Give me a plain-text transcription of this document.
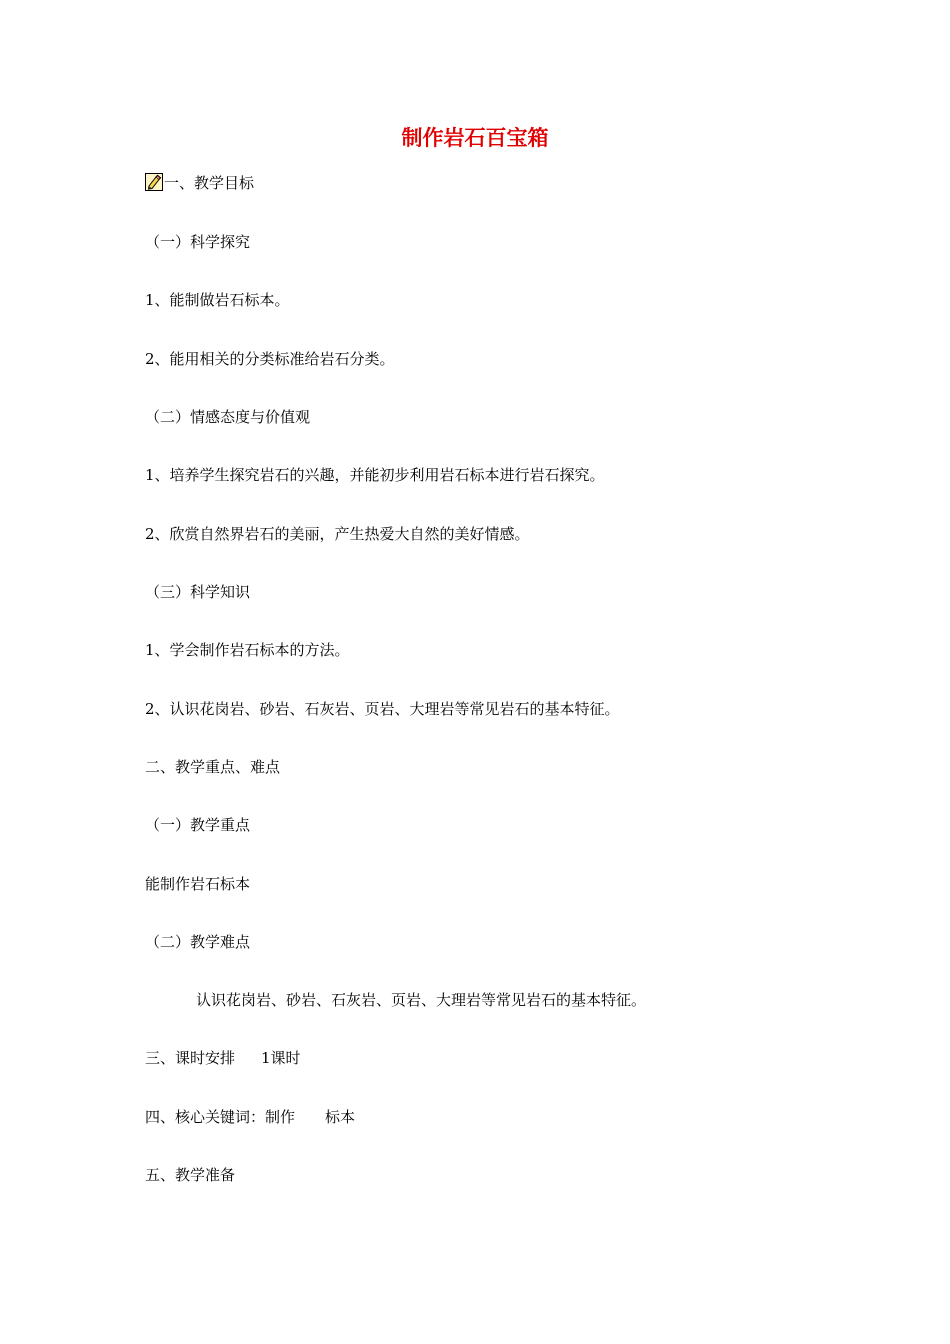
制作岩石百宝箱
一、教学目标
（一）科学探究
1、能制做岩石标本。
2、能用相关的分类标准给岩石分类。
（二）情感态度与价值观
1、培养学生探究岩石的兴趣，并能初步利用岩石标本进行岩石探究。
2、欣赏自然界岩石的美丽，产生热爱大自然的美好情感。
（三）科学知识
1、学会制作岩石标本的方法。
2、认识花岗岩、砂岩、石灰岩、页岩、大理岩等常见岩石的基本特征。
二、教学重点、难点
（一）教学重点
能制作岩石标本
（二）教学难点
认识花岗岩、砂岩、石灰岩、页岩、大理岩等常见岩石的基本特征。
三、课时安排 1课时
四、核心关键词：制作 标本
五、教学准备
